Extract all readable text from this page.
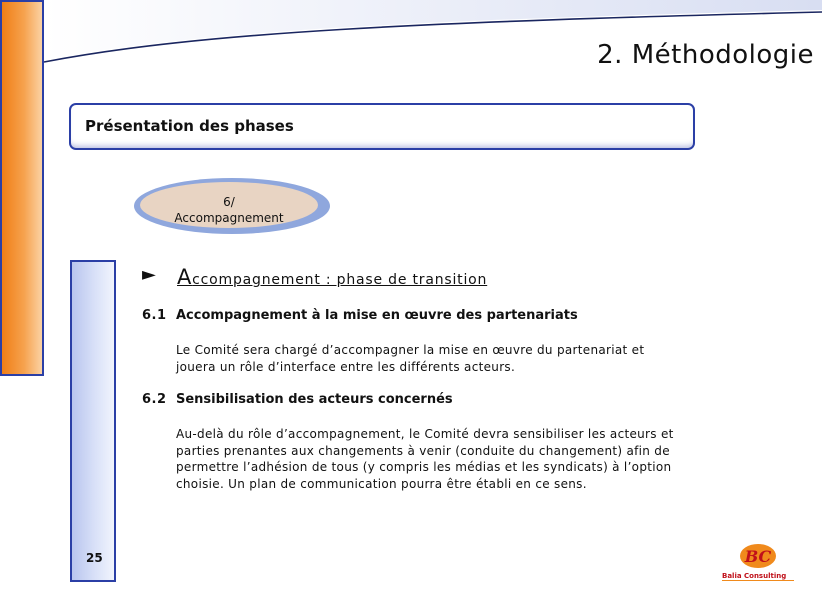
25
2. Méthodologie
Présentation des phases
6/
Accompagnement
► Accompagnement : phase de transition
6.1 Accompagnement à la mise en œuvre des partenariats
Le Comité sera chargé d’accompagner la mise en œuvre du partenariat et
jouera un rôle d’interface entre les différents acteurs.
6.2 Sensibilisation des acteurs concernés
Au-delà du rôle d’accompagnement, le Comité devra sensibiliser les acteurs et
parties prenantes aux changements à venir (conduite du changement) afin de
permettre l’adhésion de tous (y compris les médias et les syndicats) à l’option
choisie. Un plan de communication pourra être établi en ce sens.
BC
Balia Consulting
